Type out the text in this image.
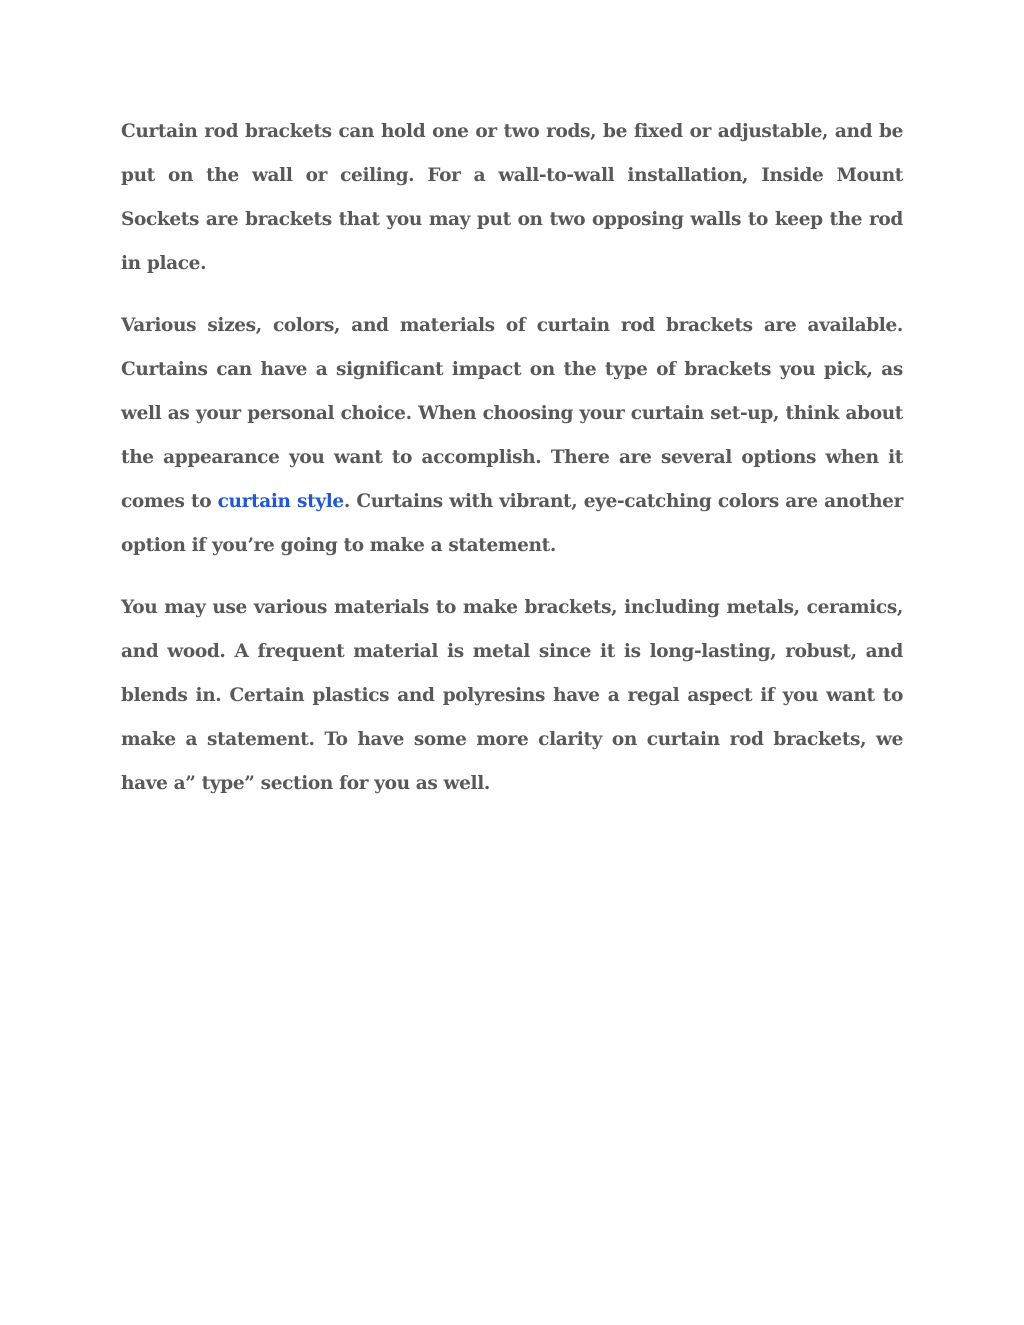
Curtain rod brackets can hold one or two rods, be fixed or adjustable, and be put on the wall or ceiling. For a wall-to-wall installation, Inside Mount Sockets are brackets that you may put on two opposing walls to keep the rod in place.

Various sizes, colors, and materials of curtain rod brackets are available. Curtains can have a significant impact on the type of brackets you pick, as well as your personal choice. When choosing your curtain set-up, think about the appearance you want to accomplish. There are several options when it comes to curtain style. Curtains with vibrant, eye-catching colors are another option if you’re going to make a statement.

You may use various materials to make brackets, including metals, ceramics, and wood. A frequent material is metal since it is long-lasting, robust, and blends in. Certain plastics and polyresins have a regal aspect if you want to make a statement. To have some more clarity on curtain rod brackets, we have a” type” section for you as well.
